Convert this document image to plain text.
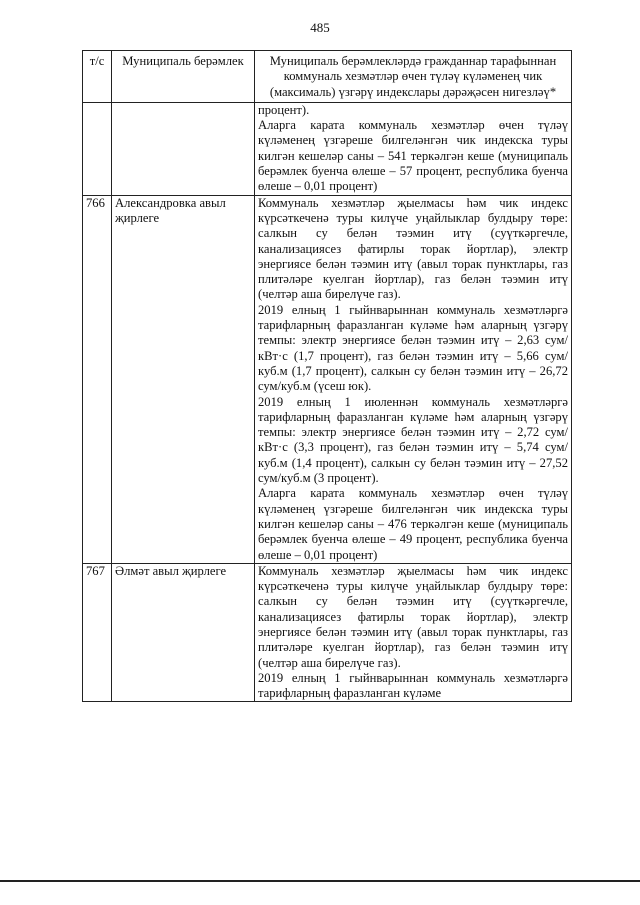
485
т/с	Муниципаль берәмлек	Муниципаль берәмлекләрдә гражданнар тарафыннан коммуналь хезмәтләр өчен түләү күләменең чик (максималь) үзгәрү индекслары дәрәҗәсен нигезләү*

		процент).

Аларга карата коммуналь хезмәтләр өчен түләү күләменең үзгәреше билгеләнгән чик индекска туры килгән кешеләр саны – 541 теркәлгән кеше (муниципаль берәмлек буенча өлеше – 57 процент, республика буенча өлеше – 0,01 процент)

766	Александровка авыл җирлеге	Коммуналь хезмәтләр җыелмасы һәм чик индекс күрсәткеченә туры килүче уңайлыклар булдыру төре: салкын су белән тәэмин итү (суүткәргечле, канализациясез фатирлы торак йортлар), электр энергиясе белән тәэмин итү (авыл торак пунктлары, газ плитәләре куелган йортлар), газ белән тәэмин итү (челтәр аша бирелүче газ).

2019 елның 1 гыйнварыннан коммуналь хезмәтләргә тарифларның фаразланган күләме һәм аларның үзгәрү темпы: электр энергиясе белән тәэмин итү – 2,63 сум/кВт·с (1,7 процент), газ белән тәэмин итү – 5,66 сум/куб.м (1,7 процент), салкын су белән тәэмин итү – 26,72 сум/куб.м (үсеш юк).

2019 елның 1 июленнән коммуналь хезмәтләргә тарифларның фаразланган күләме һәм аларның үзгәрү темпы: электр энергиясе белән тәэмин итү – 2,72 сум/кВт·с (3,3 процент), газ белән тәэмин итү – 5,74 сум/куб.м (1,4 процент), салкын су белән тәэмин итү – 27,52 сум/куб.м (3 процент).

Аларга карата коммуналь хезмәтләр өчен түләү күләменең үзгәреше билгеләнгән чик индекска туры килгән кешеләр саны – 476 теркәлгән кеше (муниципаль берәмлек буенча өлеше – 49 процент, республика буенча өлеше – 0,01 процент)

767	Әлмәт авыл җирлеге	Коммуналь хезмәтләр җыелмасы һәм чик индекс күрсәткеченә туры килүче уңайлыклар булдыру төре: салкын су белән тәэмин итү (суүткәргечле, канализациясез фатирлы торак йортлар), электр энергиясе белән тәэмин итү (авыл торак пунктлары, газ плитәләре куелган йортлар), газ белән тәэмин итү (челтәр аша бирелүче газ).

2019 елның 1 гыйнварыннан коммуналь хезмәтләргә тарифларның фаразланган күләме
